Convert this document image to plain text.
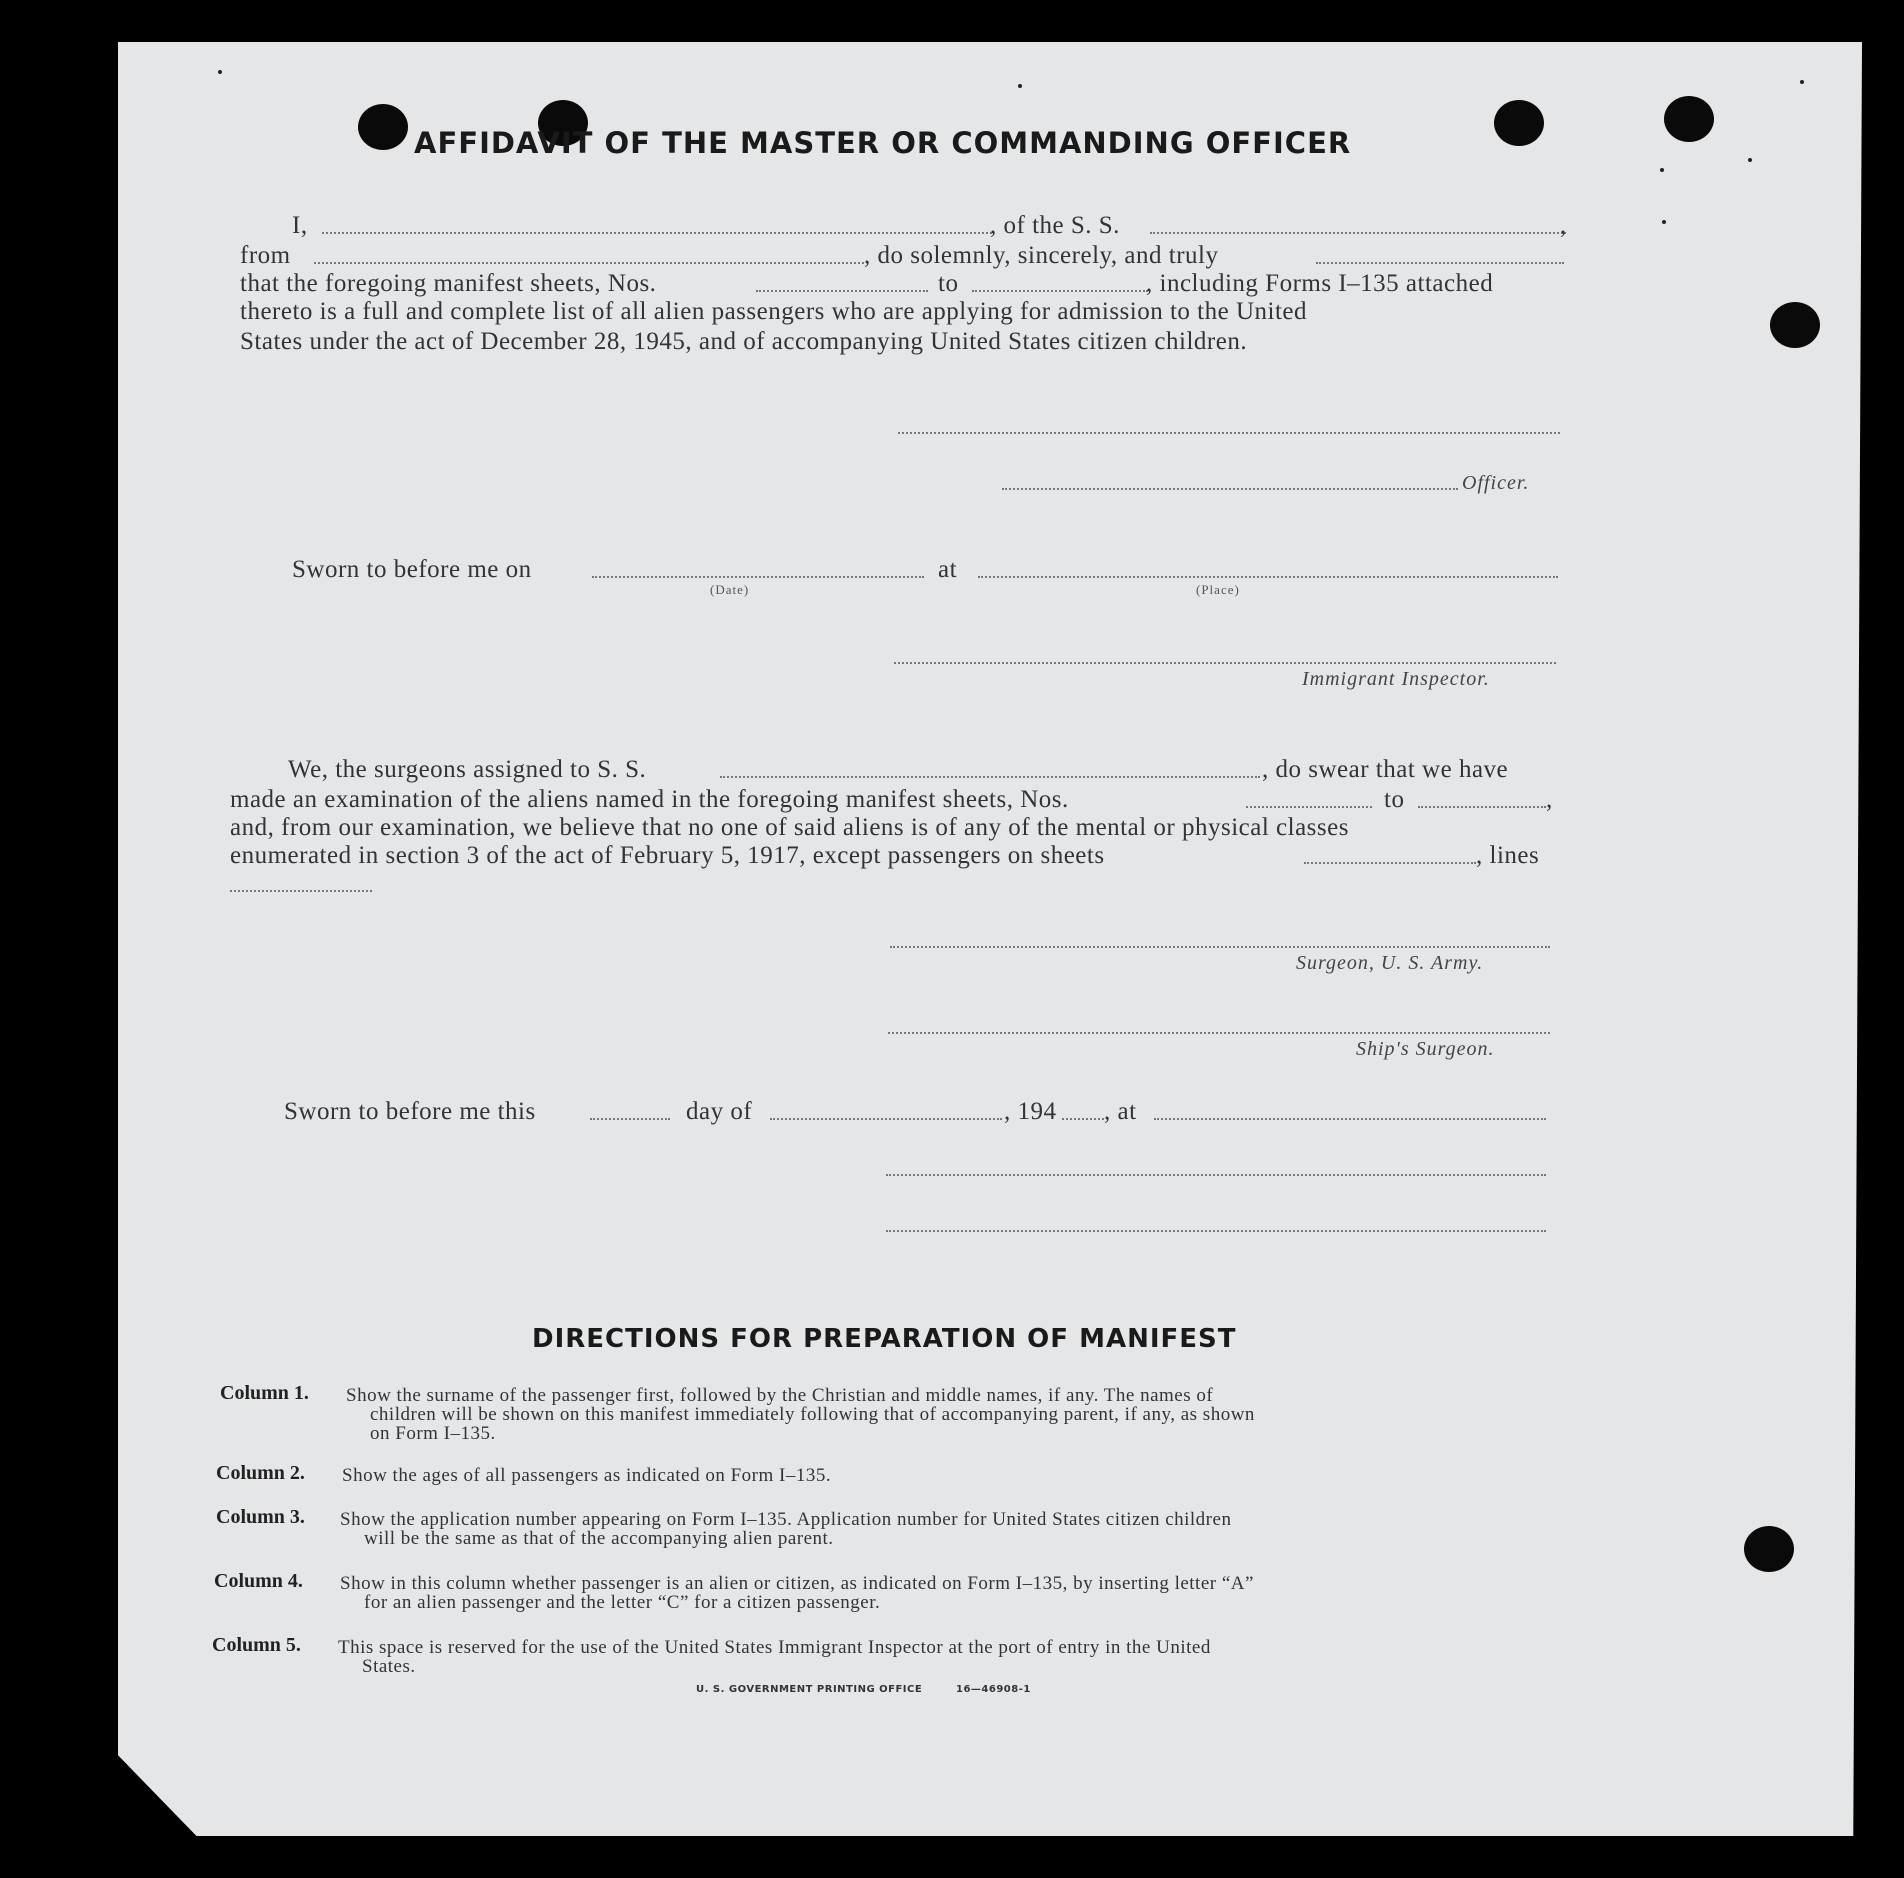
AFFIDAVIT OF THE MASTER OR COMMANDING OFFICER
I,	, of the S. S.	,
from	, do solemnly, sincerely, and truly
that the foregoing manifest sheets, Nos.	to	, including Forms I–135 attached
thereto is a full and complete list of all alien passengers who are applying for admission to the United
States under the act of December 28, 1945, and of accompanying United States citizen children.
Officer.
Sworn to before me on
(Date)
at
(Place)
Immigrant Inspector.
We, the surgeons assigned to S. S.	, do swear that we have
made an examination of the aliens named in the foregoing manifest sheets, Nos.	to	,
and, from our examination, we believe that no one of said aliens is of any of the mental or physical classes
enumerated in section 3 of the act of February 5, 1917, except passengers on sheets	, lines
Surgeon, U. S. Army.
Ship's Surgeon.
Sworn to before me this	day of	, 194 , at
DIRECTIONS FOR PREPARATION OF MANIFEST
Column 1. Show the surname of the passenger first, followed by the Christian and middle names, if any. The names of
children will be shown on this manifest immediately following that of accompanying parent, if any, as shown
on Form I–135.
Column 2. Show the ages of all passengers as indicated on Form I–135.
Column 3. Show the application number appearing on Form I–135. Application number for United States citizen children
will be the same as that of the accompanying alien parent.
Column 4. Show in this column whether passenger is an alien or citizen, as indicated on Form I–135, by inserting letter “A”
for an alien passenger and the letter “C” for a citizen passenger.
Column 5. This space is reserved for the use of the United States Immigrant Inspector at the port of entry in the United
States.
U. S. GOVERNMENT PRINTING OFFICE	16—46908-1
